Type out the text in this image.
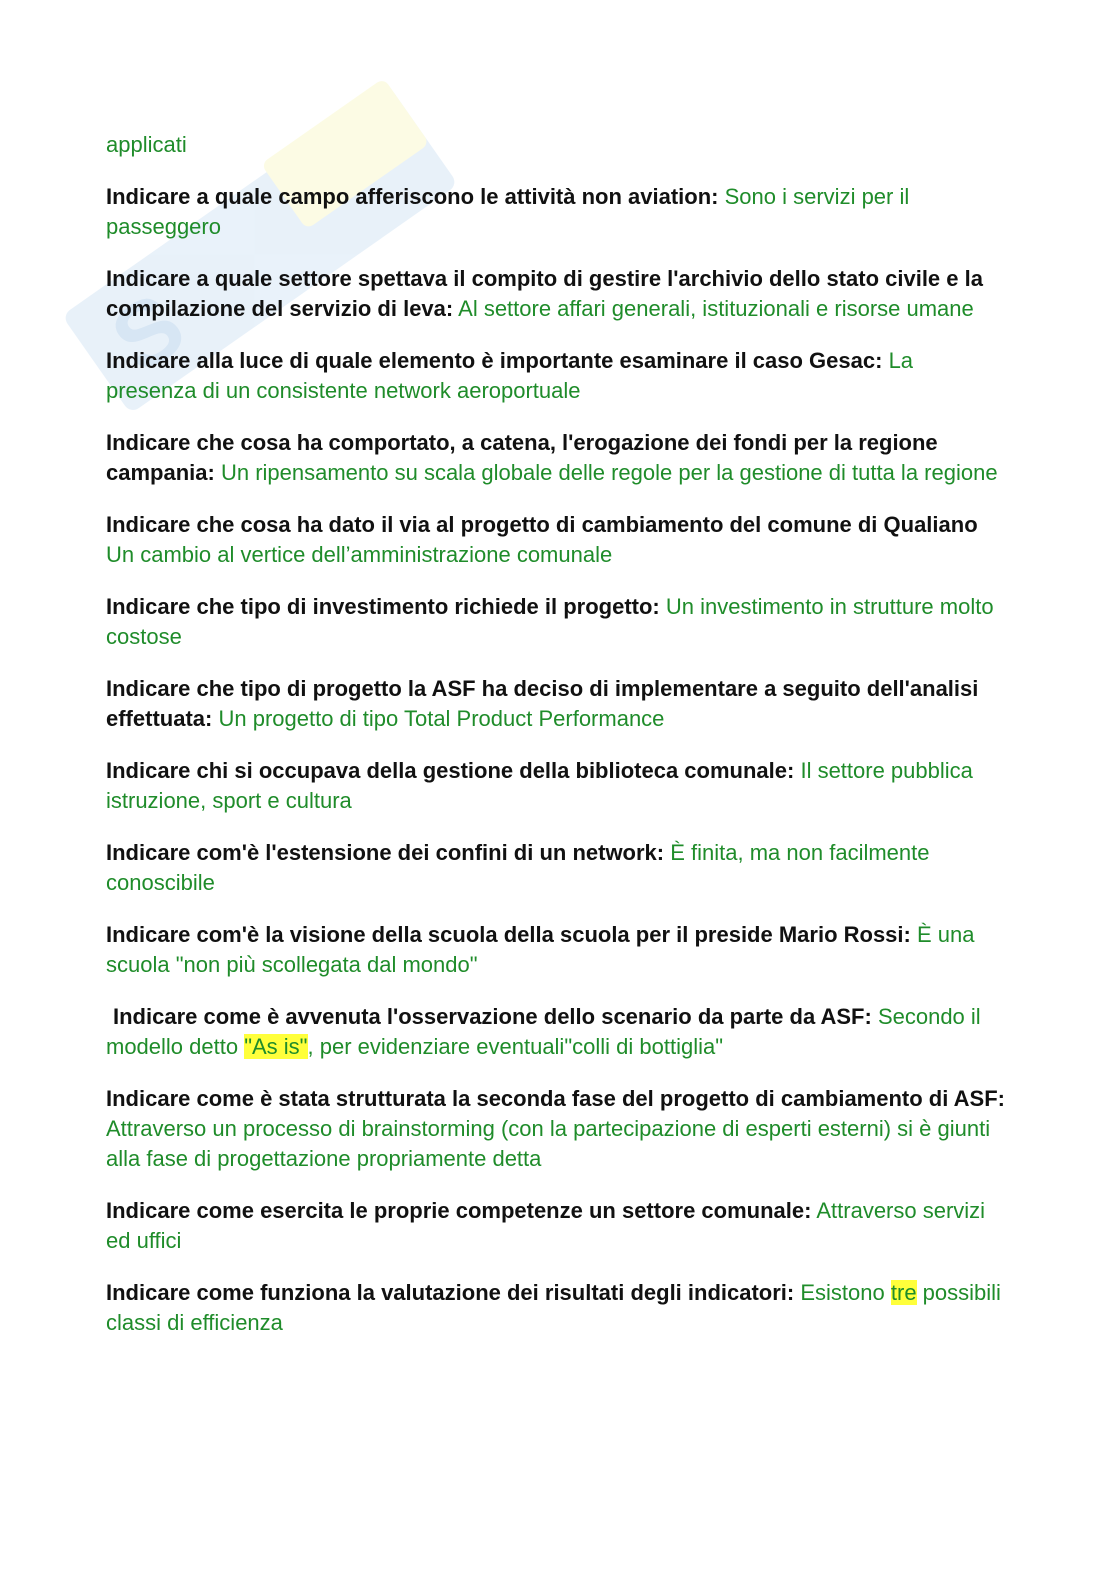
S
applicati
Indicare a quale campo afferiscono le attività non aviation: Sono i servizi per il passeggero
Indicare a quale settore spettava il compito di gestire l'archivio dello stato civile e la compilazione del servizio di leva: Al settore affari generali, istituzionali e risorse umane
Indicare alla luce di quale elemento è importante esaminare il caso Gesac: La presenza di un consistente network aeroportuale
Indicare che cosa ha comportato, a catena, l'erogazione dei fondi per la regione campania: Un ripensamento su scala globale delle regole per la gestione di tutta la regione
Indicare che cosa ha dato il via al progetto di cambiamento del comune di Qualiano Un cambio al vertice dell’amministrazione comunale
Indicare che tipo di investimento richiede il progetto: Un investimento in strutture molto costose
Indicare che tipo di progetto la ASF ha deciso di implementare a seguito dell'analisi effettuata: Un progetto di tipo Total Product Performance
Indicare chi si occupava della gestione della biblioteca comunale: Il settore pubblica istruzione, sport e cultura
Indicare com'è l'estensione dei confini di un network: È finita, ma non facilmente conoscibile
Indicare com'è la visione della scuola della scuola per il preside Mario Rossi: È una scuola "non più scollegata dal mondo"
Indicare come è avvenuta l'osservazione dello scenario da parte da ASF: Secondo il modello detto "As is", per evidenziare eventuali"colli di bottiglia"
Indicare come è stata strutturata la seconda fase del progetto di cambiamento di ASF: Attraverso un processo di brainstorming (con la partecipazione di esperti esterni) si è giunti alla fase di progettazione propriamente detta
Indicare come esercita le proprie competenze un settore comunale: Attraverso servizi ed uffici
Indicare come funziona la valutazione dei risultati degli indicatori: Esistono tre possibili classi di efficienza
